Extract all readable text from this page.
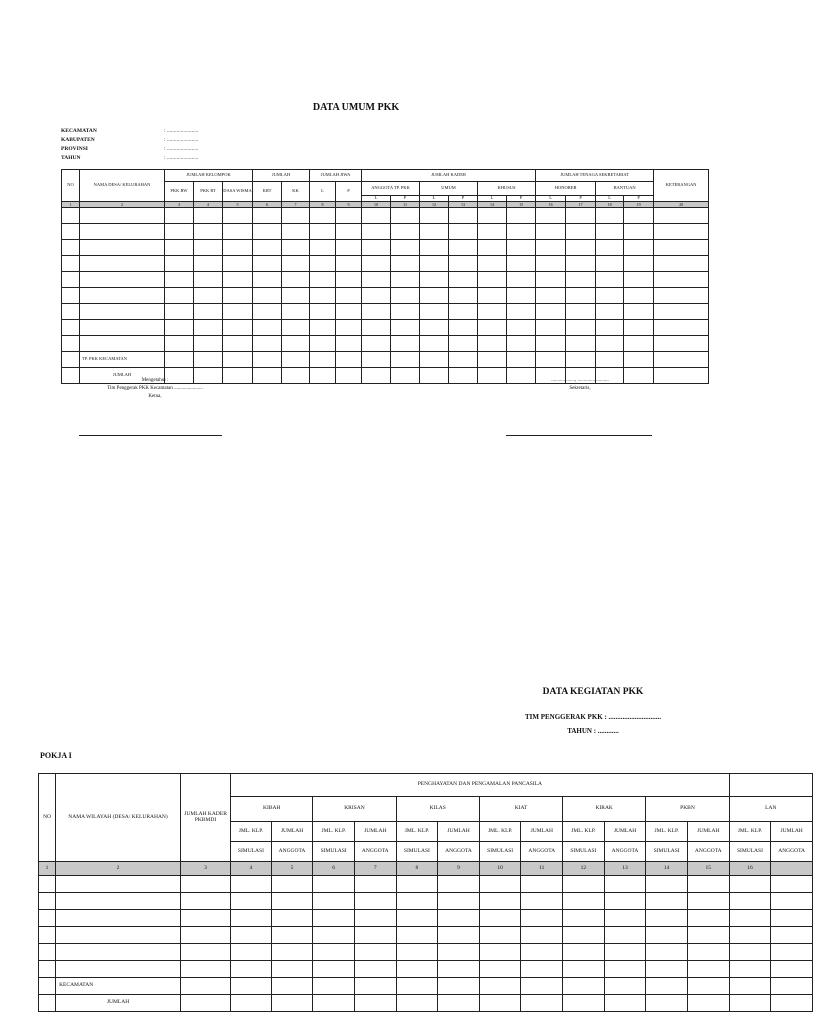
DATA UMUM PKK
KECAMATAN	: .......................
KABUPATEN	: .......................
PROVINSI	: .......................
TAHUN	: .......................
NO	NAMA DESA/ KELURAHAN	JUMLAH KELOMPOK			JUMLAH		JUMLAH JIWA		JUMLAH KADER						JUMLAH TENAGA SEKRETARIAT				KETERANGAN
		PKK RW	PKK RT	DASA WISMA	KRT	KK	L	P	ANGGOTA TP. PKK		UMUM		KHUSUS		HONORER		BANTUAN		
									L	P	L	P	L	P	L	P	L	P	
1	2	3	4	5	6	7	8	9	10	11	12	13	14	15	16	17	18	19	20

	TP. PKK KECAMATAN																		
	JUMLAH																		
Mengetahui :
Tim Penggerak PKK Kecamatan .......................
Ketua,
..................., .........................
Sekretaris,
DATA KEGIATAN PKK
TIM PENGGERAK PKK : ..............................
TAHUN : ............
POKJA I
NO	NAMA WILAYAH (DESA/ KELURAHAN)	JUMLAH KADER PKBMDI	PENGHAYATAN DAN PENGAMALAN PANCASILA													
			KIBAH		KRISAN		KILAS		KIAT		KIRAK		PKBN		LAN	
			JML. KLP.	JUMLAH	JML. KLP.	JUMLAH	JML. KLP.	JUMLAH	JML. KLP.	JUMLAH	JML. KLP.	JUMLAH	JML. KLP.	JUMLAH	JML. KLP.	JUMLAH
			SIMULASI	ANGGOTA	SIMULASI	ANGGOTA	SIMULASI	ANGGOTA	SIMULASI	ANGGOTA	SIMULASI	ANGGOTA	SIMULASI	ANGGOTA	SIMULASI	ANGGOTA
1	2	3	4	5	6	7	8	9	10	11	12	13	14	15	16	

	KECAMATAN															
	JUMLAH															
